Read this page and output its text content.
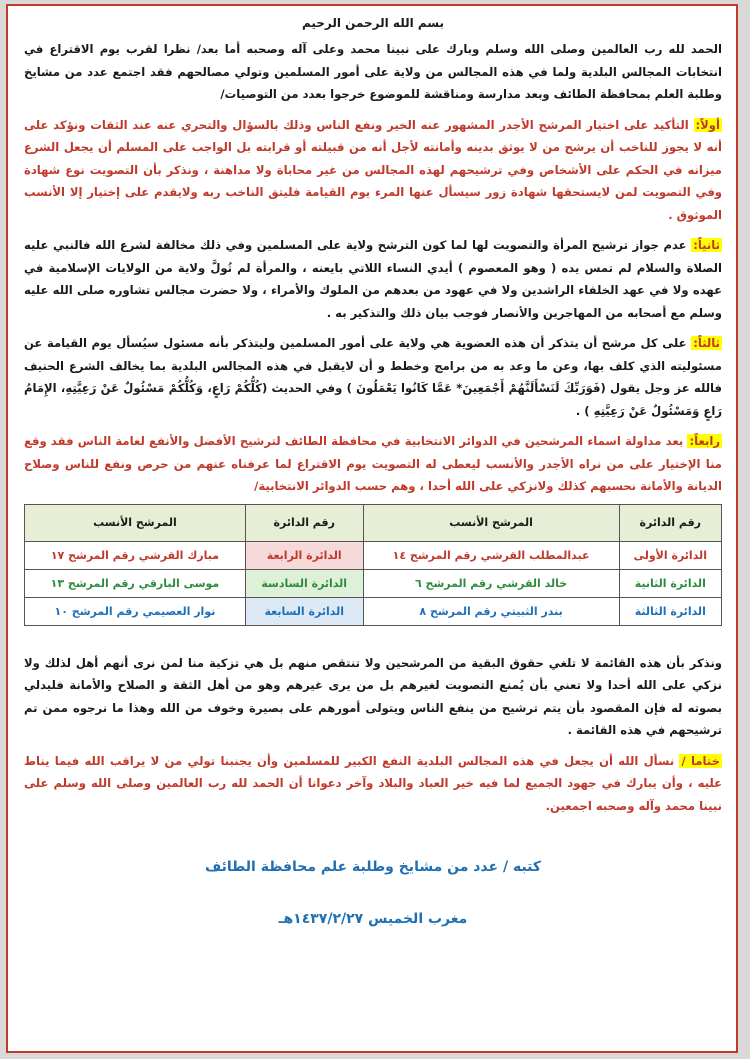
بسم الله الرحمن الرحيم

الحمد لله رب العالمين وصلى الله وسلم وبارك على نبينا محمد وعلى آله وصحبه أما بعد/ نظرا لقرب يوم الاقتراع في انتخابات المجالس البلدية ولما في هذه المجالس من ولاية على أمور المسلمين وتولي مصالحهم فقد اجتمع عدد من مشايخ وطلبة العلم بمحافظة الطائف وبعد مدارسة ومناقشة للموضوع خرجوا بعدد من التوصيات/

أولاً: التأكيد على اختيار المرشح الأجدر المشهور عنه الخير ونفع الناس وذلك بالسؤال والتحري عنه عند الثقات ونؤكد على أنه لا يجوز للناخب أن يرشح من لا يوثق بدينه وأمانته لأجل أنه من قبيلته أو قرابته بل الواجب على المسلم أن يجعل الشرع ميزانه في الحكم على الأشخاص وفي ترشيحهم لهذه المجالس من غير محاباة ولا مداهنة ، ونذكر بأن التصويت نوع شهادة وفي التصويت لمن لايستحقها شهادة زور سيسأل عنها المرء يوم القيامة فليتق الناخب ربه ولايقدم على إختيار إلا الأنسب الموثوق .

ثانياً: عدم جواز ترشيح المرأة والتصويت لها لما كون الترشح ولاية على المسلمين وفي ذلك مخالفة لشرع الله فالنبي عليه الصلاة والسلام لم تمس يده ( وهو المعصوم ) أيدي النساء اللاتي بايعنه ، والمرأة لم تُولَّ ولاية من الولايات الإسلامية في عهده ولا في عهد الخلفاء الراشدين ولا في عهود من بعدهم من الملوك والأمراء ، ولا حضرت مجالس تشاوره صلى الله عليه وسلم مع أصحابه من المهاجرين والأنصار فوجب بيان ذلك والتذكير به .

ثالثاً: على كل مرشح أن يتذكر أن هذه العضوية هي ولاية على أمور المسلمين وليتذكر بأنه مسئول سيُسأل يوم القيامة عن مسئوليته الذي كلف بها، وعن ما وعد به من برامج وخطط و أن لايقبل في هذه المجالس البلدية بما يخالف الشرع الحنيف فالله عز وجل يقول (فَوَرَبِّكَ لَنَسْأَلَنَّهُمْ أَجْمَعِينَ* عَمَّا كَانُوا يَعْمَلُونَ ) وفي الحديث (كُلُّكُمْ رَاعٍ، وَكُلُّكُمْ مَسْئُولٌ عَنْ رَعِيَّتِهِ، الإِمَامُ رَاعٍ وَمَسْئُولٌ عَنْ رَعِيَّتِهِ ) .

رابعاً: بعد مداولة اسماء المرشحين في الدوائر الانتخابية في محافظة الطائف لترشيح الأفضل والأنفع لعامة الناس فقد وقع منا الإختيار على من نراه الأجدر والأنسب ليعطى له التصويت يوم الاقتراع لما عرفناه عنهم من حرص ونفع للناس وصلاح الديانة والأمانة نحسبهم كذلك ولانزكي على الله أحدا ، وهم حسب الدوائر الانتخابية/

رقم الدائرة	المرشح الأنسب	رقم الدائرة	المرشح الأنسب
الدائرة الأولى	عبدالمطلب القرشي رقم المرشح ١٤	الدائرة الرابعة	مبارك القرشي رقم المرشح ١٧
الدائرة الثانية	خالد القرشي رقم المرشح ٦	الدائرة السادسة	موسى البارقي رقم المرشح ١٣
الدائرة الثالثة	بندر الثبيتي رقم المرشح ٨	الدائرة السابعة	نوار العصيمي رقم المرشح ١٠

ونذكر بأن هذه القائمة لا تلغي حقوق البقية من المرشحين ولا تنتقص منهم بل هي تزكية منا لمن نرى أنهم أهل لذلك ولا نزكي على الله أحدا ولا تعني بأن يُمنع التصويت لغيرهم بل من يرى غيرهم وهو من أهل الثقة و الصلاح والأمانة فليدلي بصوته له فإن المقصود بأن يتم ترشيح من ينفع الناس ويتولى أمورهم على بصيرة وخوف من الله وهذا ما نرجوه ممن تم ترشيحهم في هذه القائمة .

ختاما / نسأل الله أن يجعل في هذه المجالس البلدية النفع الكبير للمسلمين وأن يجنبنا تولي من لا يراقب الله فيما يناط عليه ، وأن يبارك في جهود الجميع لما فيه خير العباد والبلاد وآخر دعوانا أن الحمد لله رب العالمين وصلى الله وسلم على نبينا محمد وآله وصحبه اجمعين.

كتبه / عدد من مشايخ وطلبة علم محافظة الطائف
مغرب الخميس ١٤٣٧/٢/٢٧هـ
